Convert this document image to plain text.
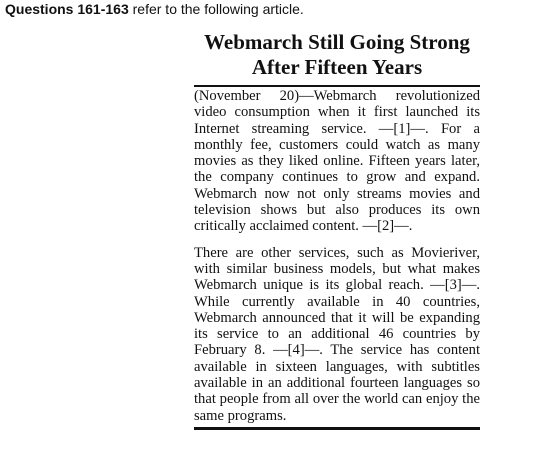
Questions 161-163 refer to the following article.
Webmarch Still Going Strong
After Fifteen Years

(November 20)—Webmarch revolutionized video consumption when it first launched its Internet streaming service. —[1]—. For a monthly fee, customers could watch as many movies as they liked online. Fifteen years later, the company continues to grow and expand. Webmarch now not only streams movies and television shows but also produces its own critically acclaimed content. —[2]—.

There are other services, such as Movieriver, with similar business models, but what makes Webmarch unique is its global reach. —[3]—. While currently available in 40 countries, Webmarch announced that it will be expanding its service to an additional 46 countries by February 8. —[4]—. The service has content available in sixteen languages, with subtitles available in an additional fourteen languages so that people from all over the world can enjoy the same programs.
